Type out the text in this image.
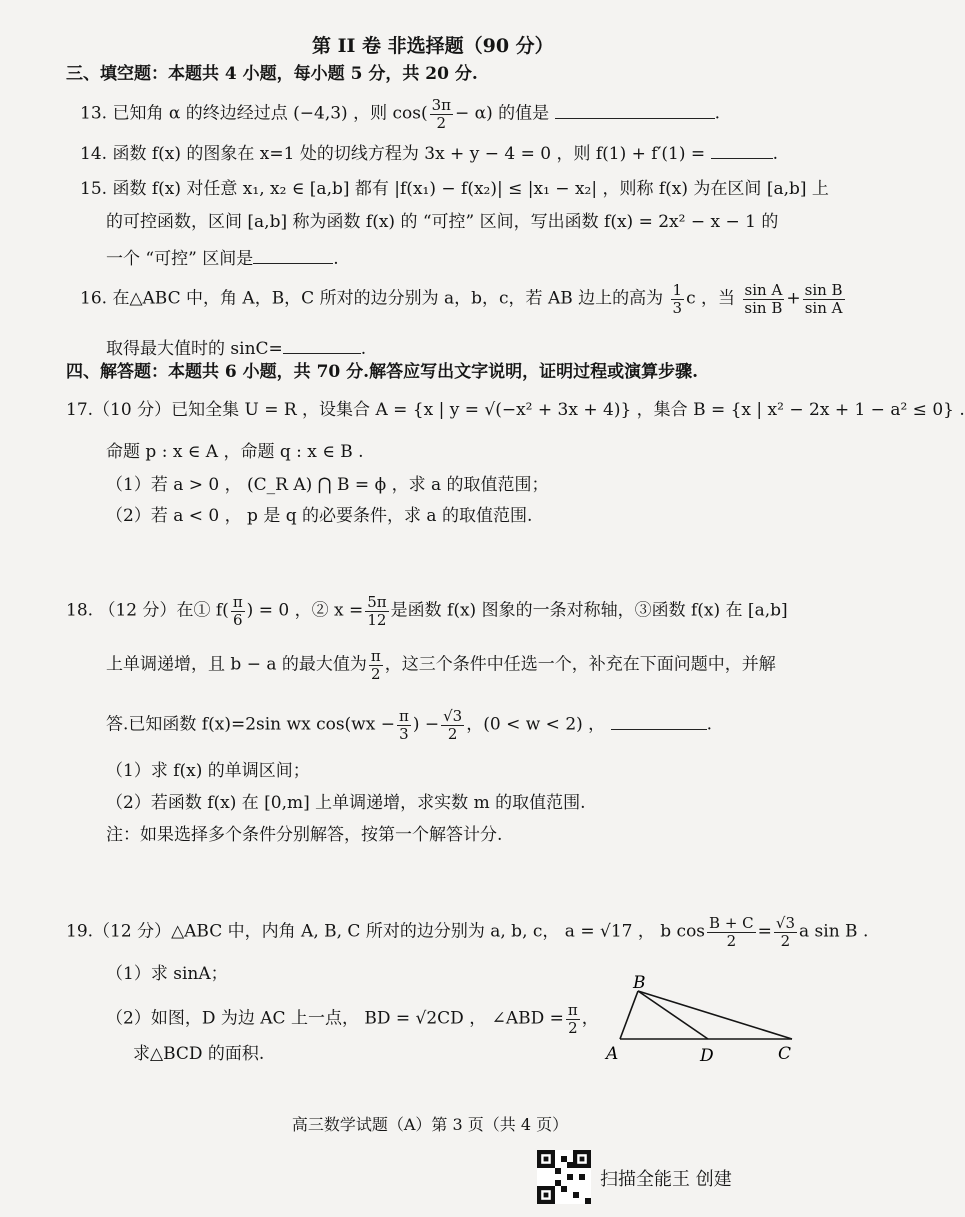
第 II 卷 非选择题（90 分）
三、填空题：本题共 4 小题，每小题 5 分，共 20 分.
13. 已知角 α 的终边经过点 (−4,3) ，则 $\cos( \frac{3\pi}{2} - \alpha)$ 的值是	.
14. 函数 f(x) 的图象在 x=1 处的切线方程为 3x + y − 4 = 0 ，则 f(1) + f′(1) =	.
15. 函数 f(x) 对任意 x₁, x₂ ∈ [a,b] 都有 |f(x₁) − f(x₂)| ≤ |x₁ − x₂| ，则称 f(x) 为在区间 [a,b] 上
的可控函数，区间 [a,b] 称为函数 f(x) 的 “可控” 区间，写出函数 f(x) = 2x² − x − 1 的
一个 “可控” 区间是	.
16. 在△ABC 中，角 A，B，C 所对的边分别为 a，b，c，若 AB 边上的高为 $\frac{1}{3}$ c ，当 $\frac{\text{sin A}}{\text{sin B}} + \frac{\text{sin B}}{\text{sin A}}$
取得最大值时的 sinC=	.
四、解答题：本题共 6 小题，共 70 分.解答应写出文字说明，证明过程或演算步骤.
17.（10 分）已知全集 U = R ，设集合 A = {x | y = √(−x² + 3x + 4)} ，集合 B = {x | x² − 2x + 1 − a² ≤ 0} .
命题 p : x ∈ A ，命题 q : x ∈ B .
（1）若 a > 0 ， (C_R A) ⋂ B = ϕ ，求 a 的取值范围；
（2）若 a < 0 ， p 是 q 的必要条件，求 a 的取值范围.
18. （12 分）在① $f( \frac{\pi}{6}$ ) = 0 ，② $x = \frac{5\pi}{12}$ 是函数 f(x) 图象的一条对称轴，③函数 f(x) 在 [a,b]
上单调递增，且 b − a 的最大值为 $\frac{\pi}{2}$ ，这三个条件中任选一个，补充在下面问题中，并解
答.已知函数 f(x)=2sin wx $\cos(wx - \frac{\pi}{3}$ ) − $\frac{√3}{2}$ ，(0 < w < 2) ，	.
（1）求 f(x) 的单调区间；
（2）若函数 f(x) 在 [0,m] 上单调递增，求实数 m 的取值范围.
注：如果选择多个条件分别解答，按第一个解答计分.
19.（12 分）△ABC 中，内角 A, B, C 所对的边分别为 a, b, c， a = √17 ， b $\cos \frac{B + C}{2} = \frac{√3}{2}$ a sin B .
（1）求 sinA；
（2）如图，D 为边 AC 上一点， BD = √2CD ， ∠ABD = $\frac{\pi}{2}$ ，
求△BCD 的面积.
B
A	D	C
高三数学试题（A）第 3 页（共 4 页）
扫描全能王 创建
